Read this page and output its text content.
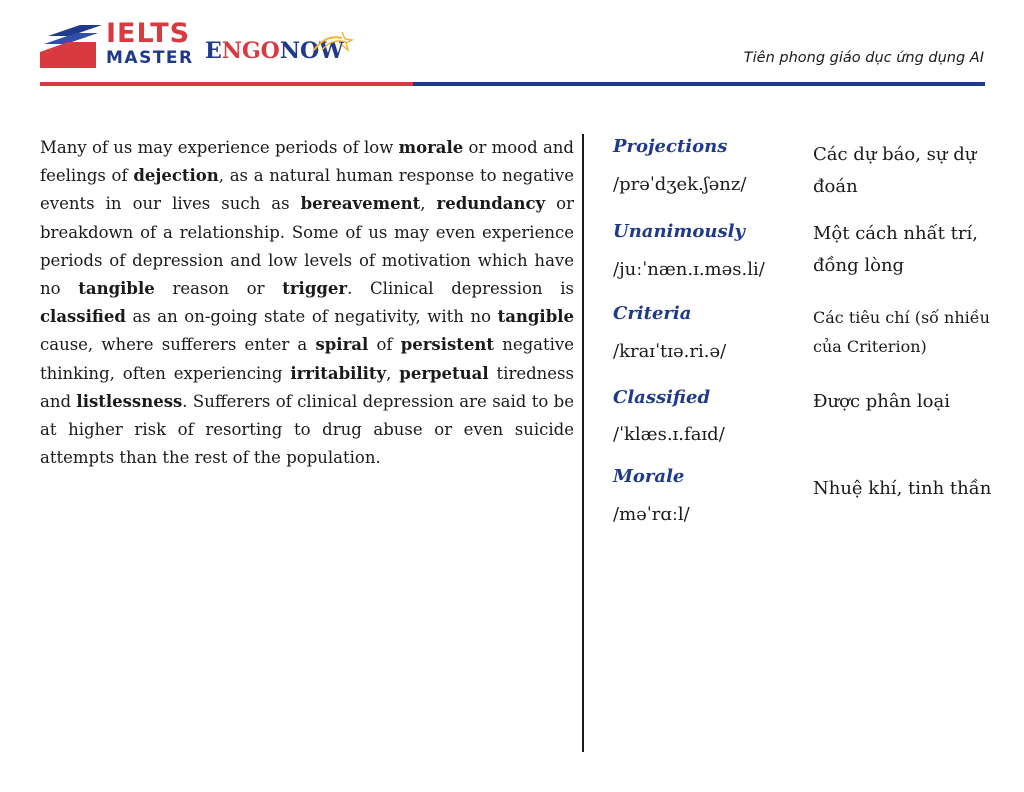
IELTS
MASTER ENGONOW	Tiên phong giáo dục ứng dụng AI
Many of us may experience periods of low morale or mood and feelings of dejection, as a natural human response to negative events in our lives such as bereavement, redundancy or breakdown of a relationship. Some of us may even experience periods of depression and low levels of motivation which have no tangible reason or trigger. Clinical depression is classified as an on-going state of negativity, with no tangible cause, where sufferers enter a spiral of persistent negative thinking, often experiencing irritability, perpetual tiredness and listlessness. Sufferers of clinical depression are said to be at higher risk of resorting to drug abuse or even suicide attempts than the rest of the population.
Projections
/prəˈdʒek.ʃənz/
Các dự báo, sự dự đoán
Unanimously
/juːˈnæn.ɪ.məs.li/
Một cách nhất trí, đồng lòng
Criteria
/kraɪˈtɪə.ri.ə/
Các tiêu chí (số nhiều của Criterion)
Classified
/ˈklæs.ɪ.faɪd/
Được phân loại
Morale
/məˈrɑːl/
Nhuệ khí, tinh thần
